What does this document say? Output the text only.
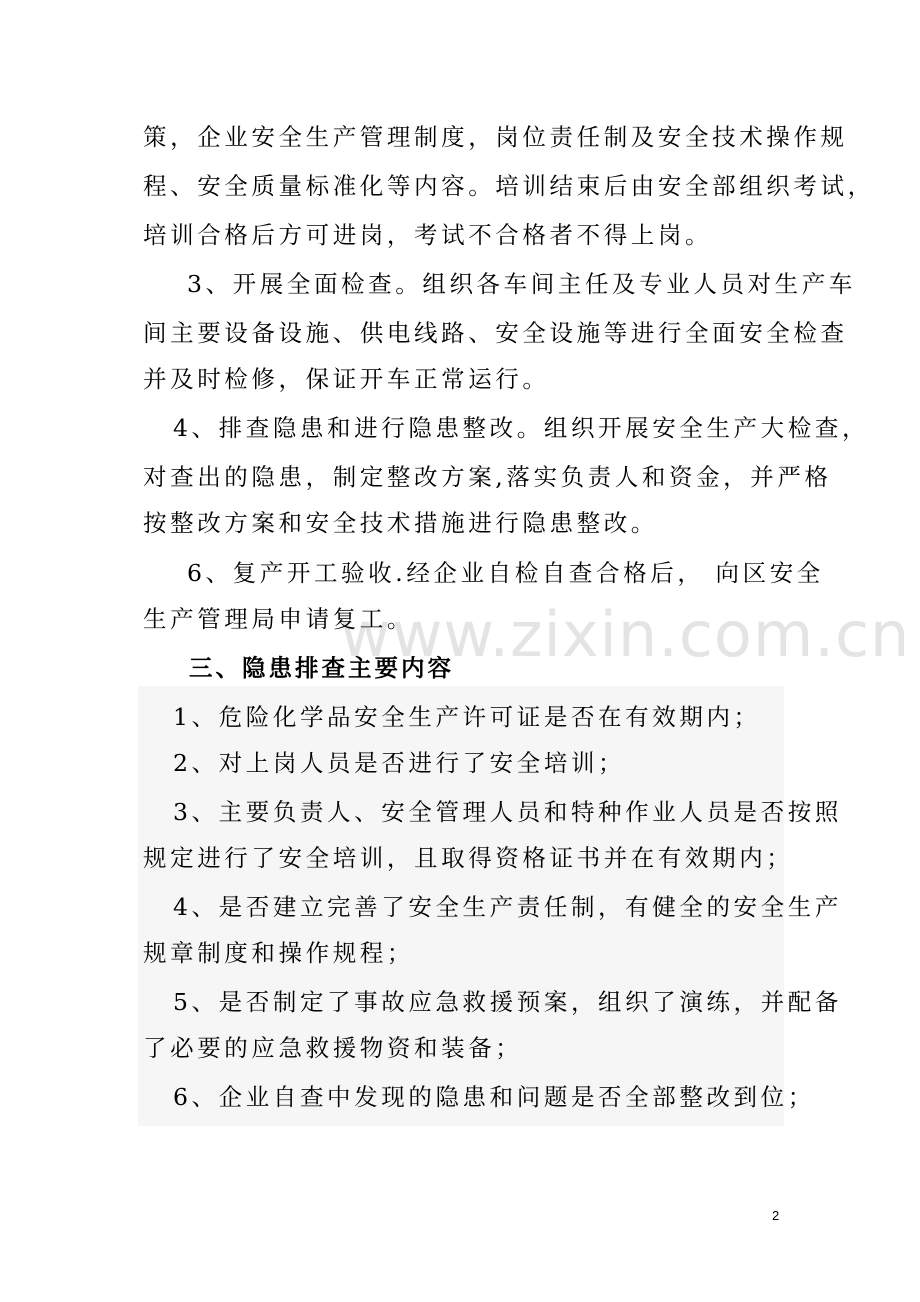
www.zixin.com.cn
策，企业安全生产管理制度，岗位责任制及安全技术操作规
程、安全质量标准化等内容。培训结束后由安全部组织考试，
培训合格后方可进岗，考试不合格者不得上岗。
3、开展全面检查。组织各车间主任及专业人员对生产车
间主要设备设施、供电线路、安全设施等进行全面安全检查
并及时检修，保证开车正常运行。
4、排查隐患和进行隐患整改。组织开展安全生产大检查，
对查出的隐患，制定整改方案,落实负责人和资金，并严格
按整改方案和安全技术措施进行隐患整改。
6、复产开工验收.经企业自检自查合格后， 向区安全
生产管理局申请复工。
三、隐患排查主要内容
1、危险化学品安全生产许可证是否在有效期内；
2、对上岗人员是否进行了安全培训；
3、主要负责人、安全管理人员和特种作业人员是否按照
规定进行了安全培训，且取得资格证书并在有效期内；
4、是否建立完善了安全生产责任制，有健全的安全生产
规章制度和操作规程；
5、是否制定了事故应急救援预案，组织了演练，并配备
了必要的应急救援物资和装备；
6、企业自查中发现的隐患和问题是否全部整改到位；
2
